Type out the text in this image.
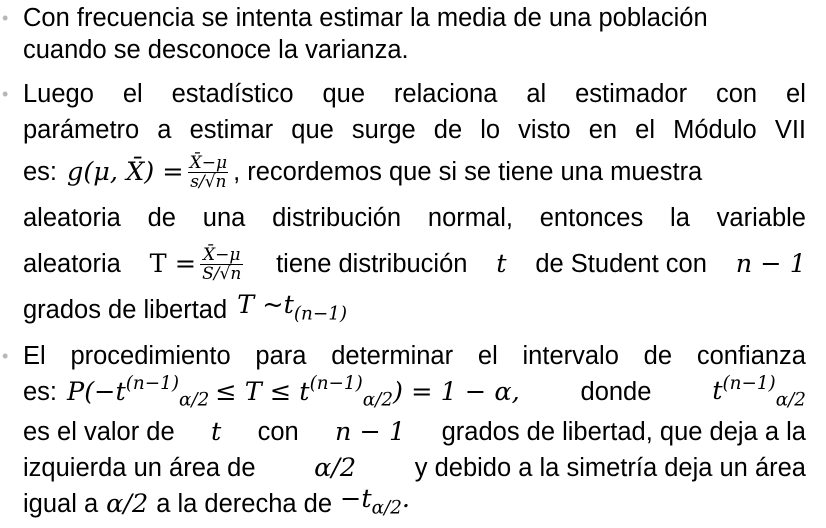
• Con frecuencia se intenta estimar la media de una población
cuando se desconoce la varianza.
• Luego el estadístico que relaciona al estimador con el
parámetro a estimar que surge de lo visto en el Módulo VII
es: g(μ, X̄) = $\frac{X̄-\mu}{s/√n}$ , recordemos que si se tiene una muestra
aleatoria de una distribución normal, entonces la variable
aleatoria $T = \frac{X̄-\mu}{S/√n}$ tiene distribución t de Student con n − 1
grados de libertad T $\sim t_{(n-1)}$
• El procedimiento para determinar el intervalo de confianza
es: P(−t $^{(n-1)}_{\alpha/2}$ ≤ T ≤ t $^{(n-1)}_{\alpha/2}$ ) = 1 − α, donde $t^{(n-1)}_{\alpha/2}$
es el valor de t con n − 1 grados de libertad, que deja a la
izquierda un área de α/2 y debido a la simetría deja un área
igual a α/2 a la derecha de $-t_{\alpha/2}$.
